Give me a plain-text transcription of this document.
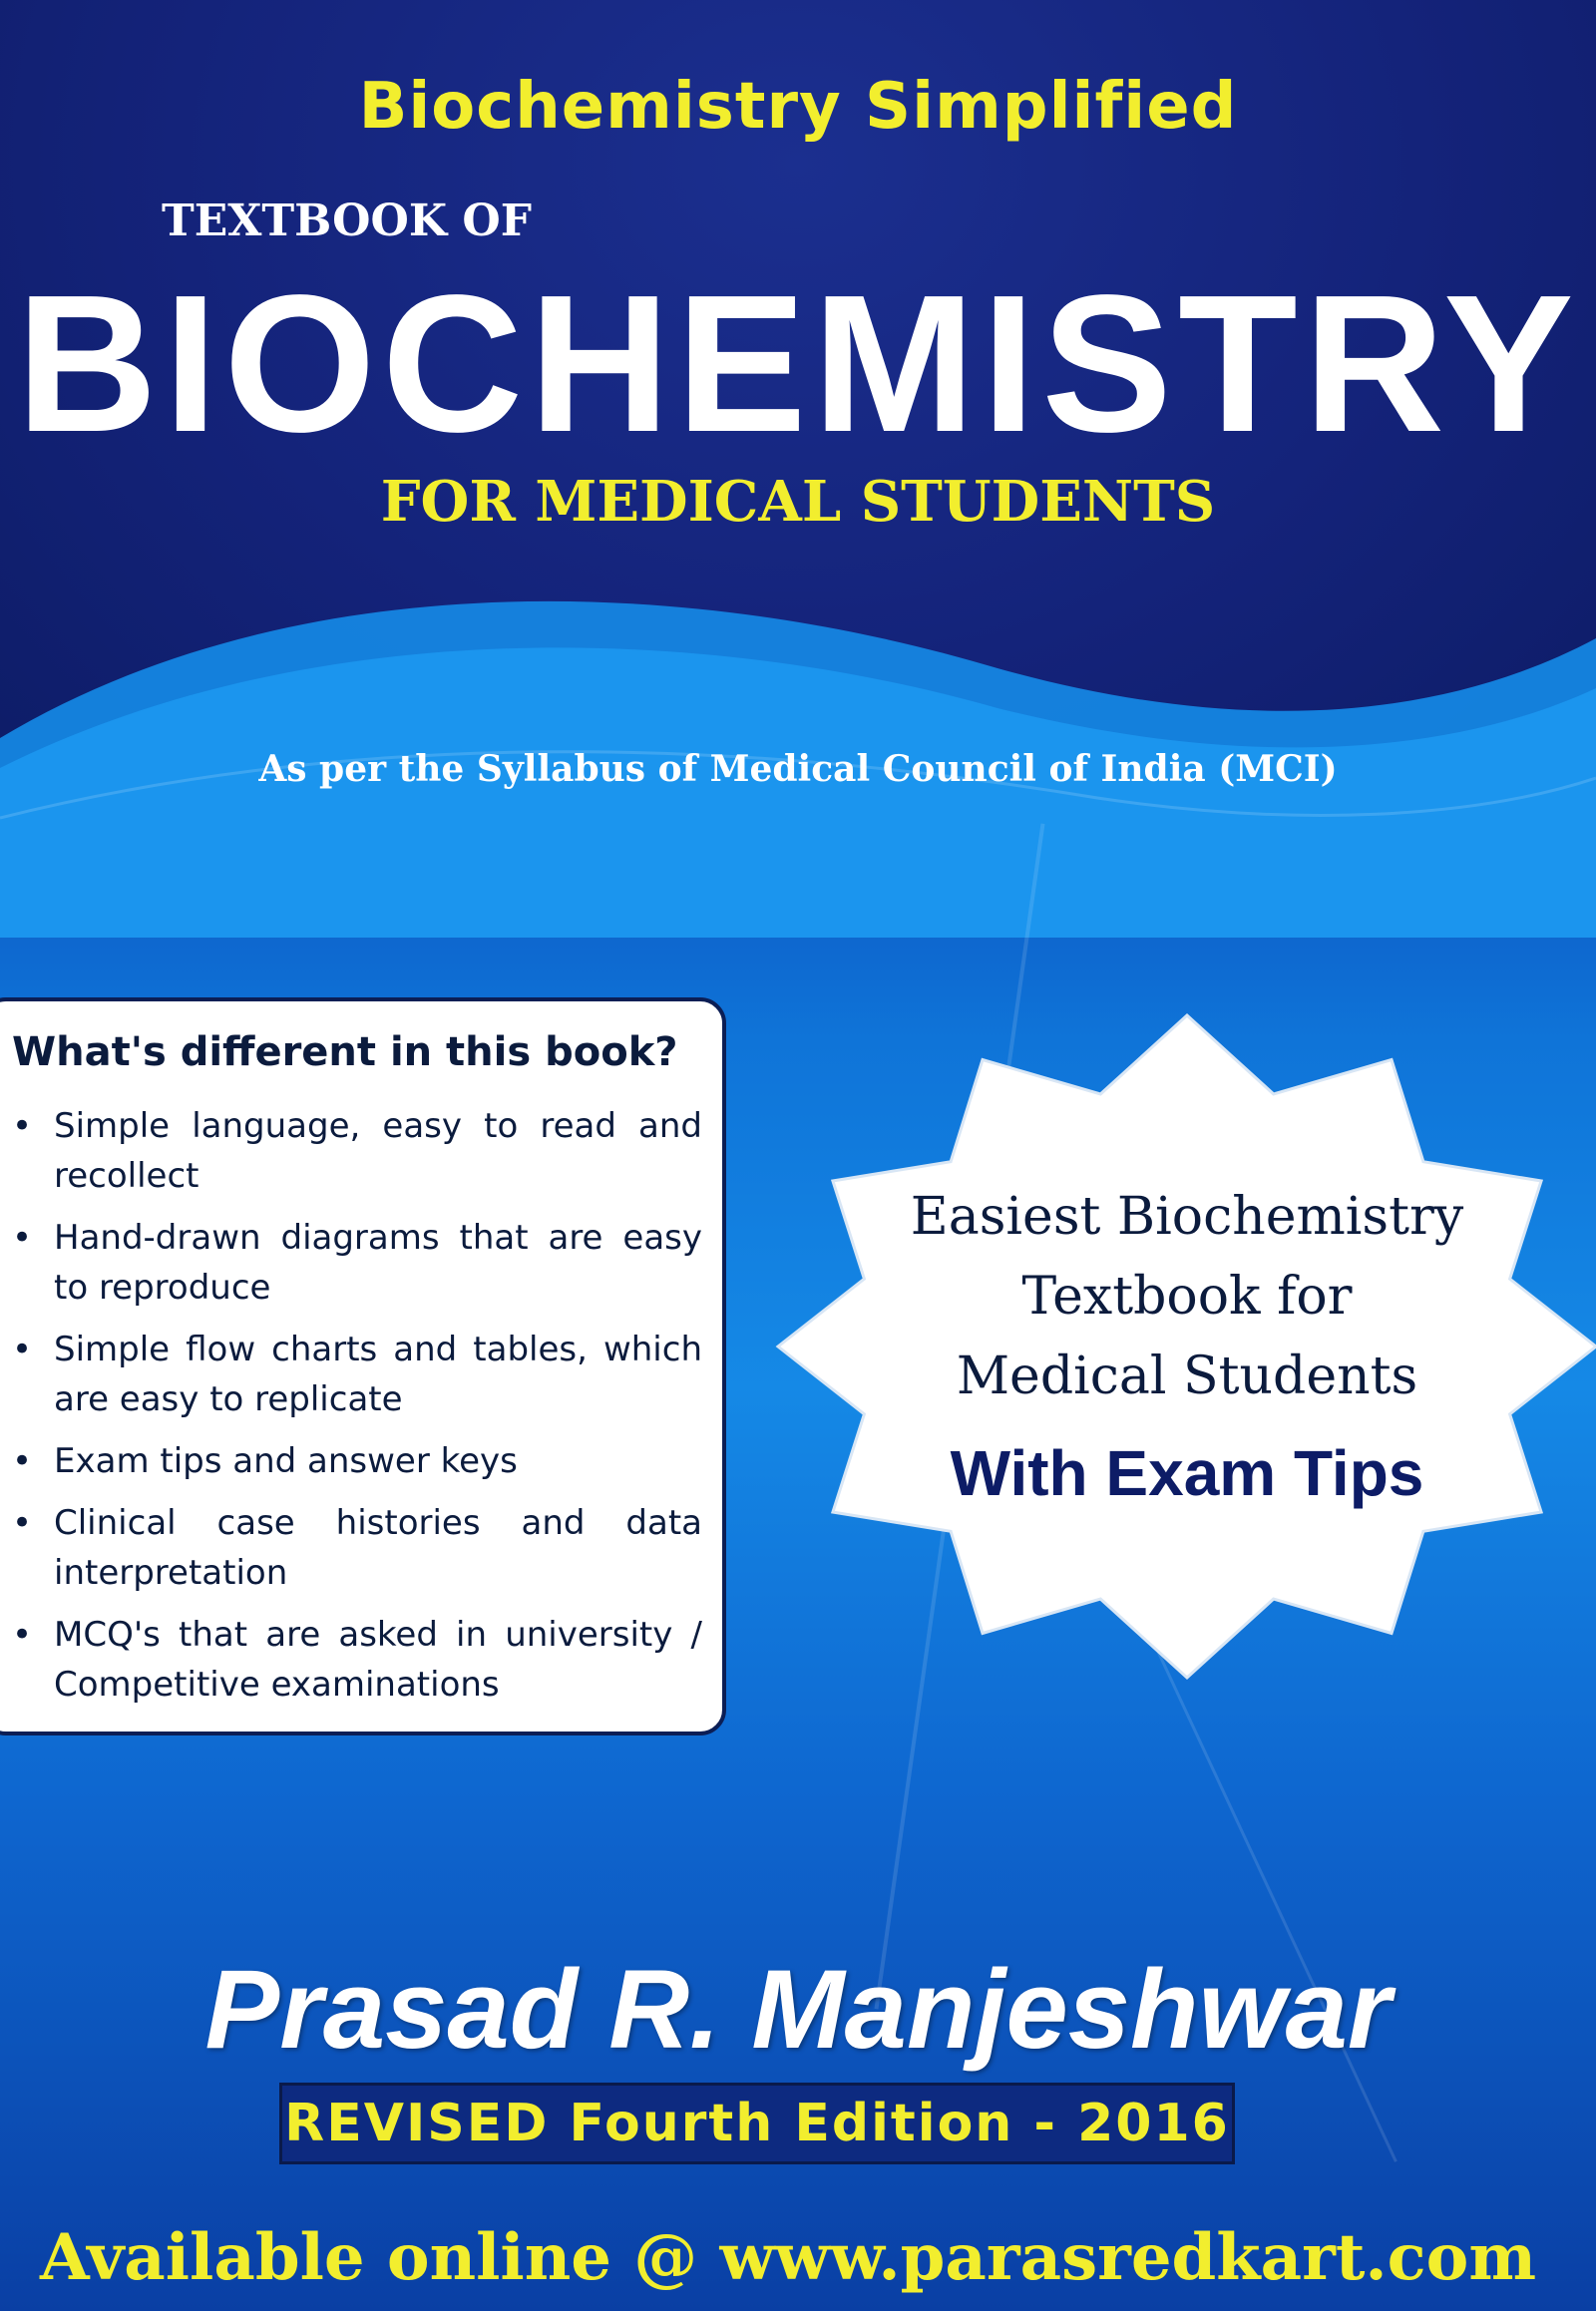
Biochemistry Simplified

TEXTBOOK OF

BIOCHEMISTRY

FOR MEDICAL STUDENTS

As per the Syllabus of Medical Council of India (MCI)

What's different in this book?

• Simple language, easy to read and recollect
• Hand-drawn diagrams that are easy to reproduce
• Simple flow charts and tables, which are easy to replicate
• Exam tips and answer keys
• Clinical case histories and data interpretation
• MCQ's that are asked in university / Competitive examinations

Easiest Biochemistry
Textbook for
Medical Students

With Exam Tips

Prasad R. Manjeshwar

REVISED Fourth Edition - 2016

Available online @ www.parasredkart.com
